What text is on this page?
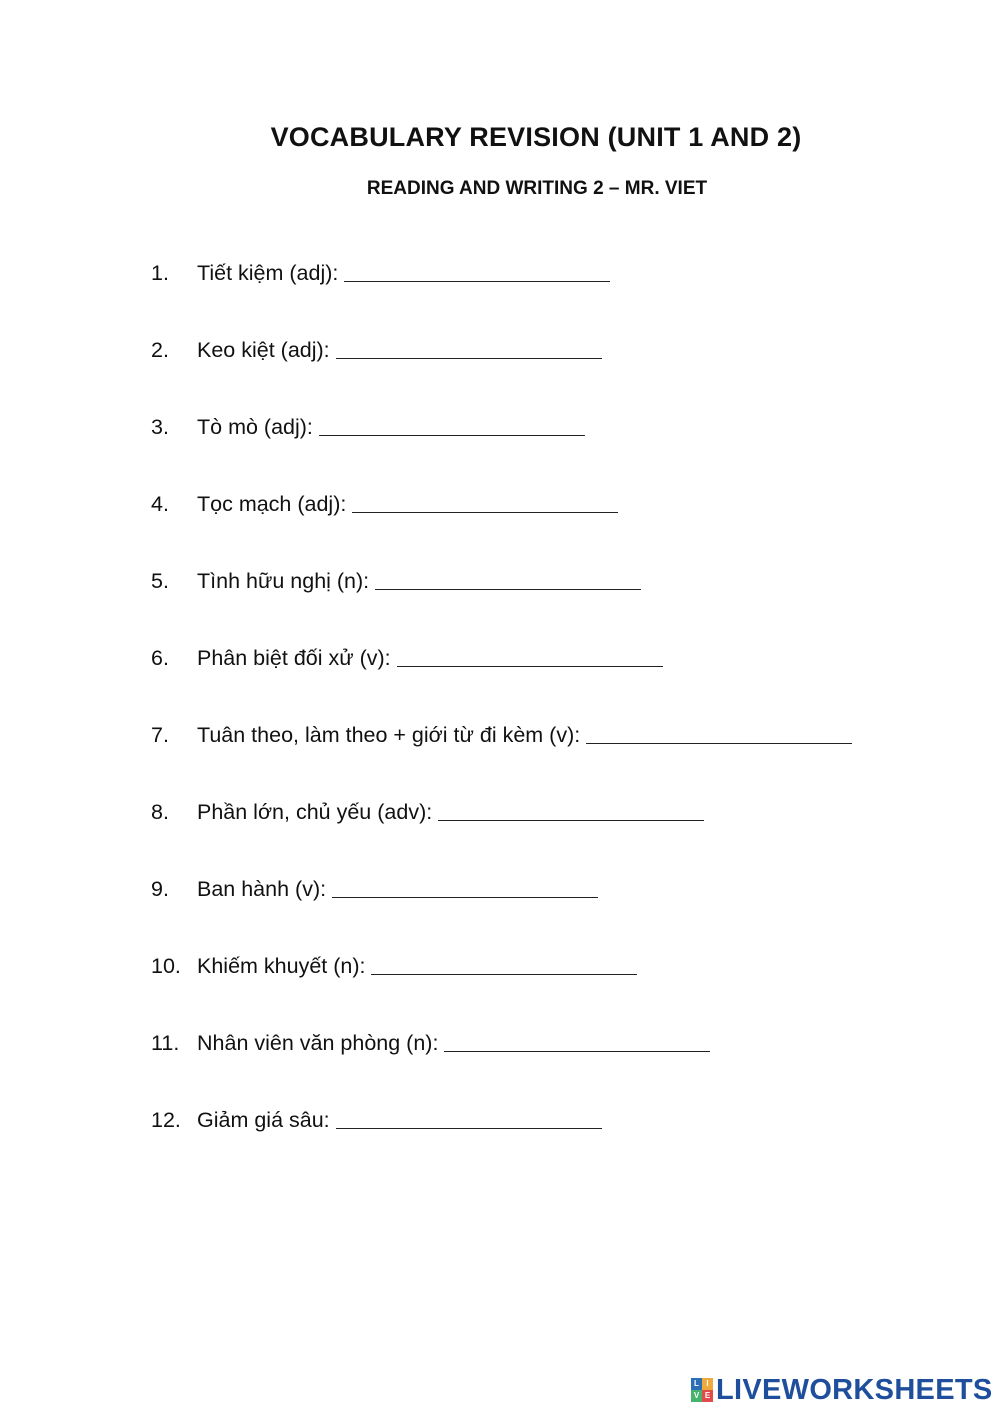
VOCABULARY REVISION (UNIT 1 AND 2)
READING AND WRITING 2 – MR. VIET
1.	Tiết kiệm (adj):
2.	Keo kiệt (adj):
3.	Tò mò (adj):
4.	Tọc mạch (adj):
5.	Tình hữu nghị (n):
6.	Phân biệt đối xử (v):
7.	Tuân theo, làm theo + giới từ đi kèm (v):
8.	Phần lớn, chủ yếu (adv):
9.	Ban hành (v):
10. Khiếm khuyết (n):
11. Nhân viên văn phòng (n):
12. Giảm giá sâu:
L I
V E LIVEWORKSHEETS
